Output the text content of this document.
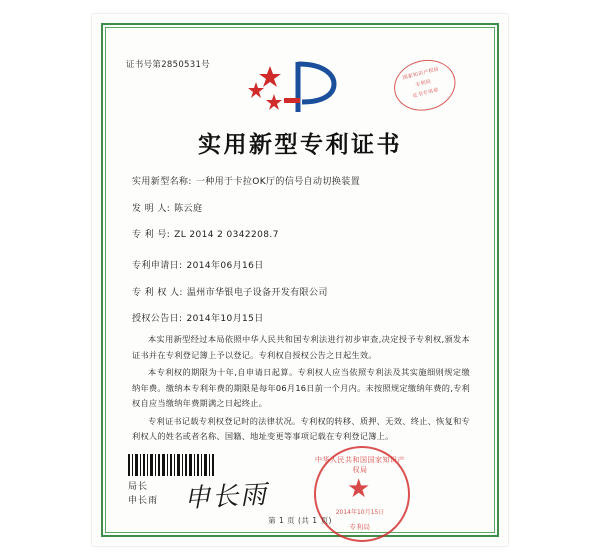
证书号第2850531号
国家知识产权局
专利局
证书专用章
实用新型专利证书
实用新型名称: 一种用于卡拉OK厅的信号自动切换装置
发 明 人: 陈云庭
专 利 号: ZL 2014 2 0342208.7
专利申请日: 2014年06月16日
专 利 权 人: 温州市华银电子设备开发有限公司
授权公告日: 2014年10月15日

本实用新型经过本局依照中华人民共和国专利法进行初步审查,决定授予专利权,颁发本证书并在专利登记簿上予以登记。专利权自授权公告之日起生效。

本专利权的期限为十年,自申请日起算。专利权人应当依照专利法及其实施细则规定缴纳年费。缴纳本专利年费的期限是每年06月16日前一个月内。未按照规定缴纳年费的,专利权自应当缴纳年费期满之日起终止。

专利证书记载专利权登记时的法律状况。专利权的转移、质押、无效、终止、恢复和专利权人的姓名或者名称、国籍、地址变更等事项记载在专利登记簿上。

局长
申长雨 申长雨
中华人民共和国国家知识产权局
★
2014年10月15日
专利局
第 1 页 (共 1 页)
